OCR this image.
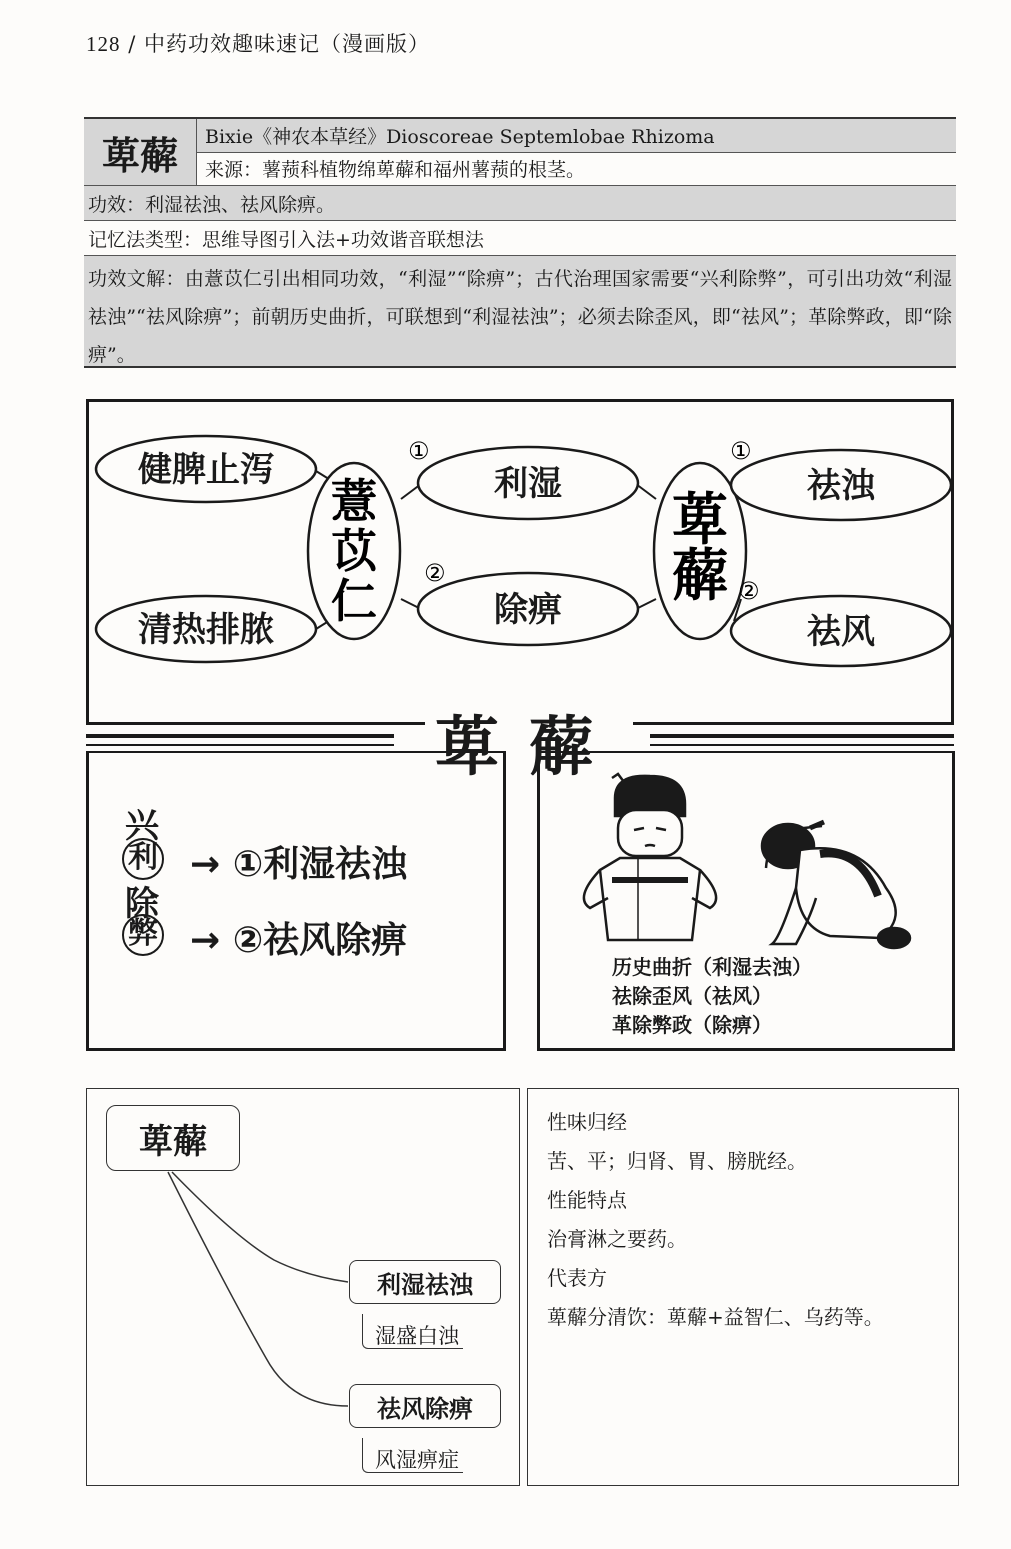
128 / 中药功效趣味速记（漫画版）
萆薢	Bixie《神农本草经》Dioscoreae Septemlobae Rhizoma
来源：薯蓣科植物绵萆薢和福州薯蓣的根茎。
功效：利湿祛浊、祛风除痹。
记忆法类型：思维导图引入法+功效谐音联想法
功效文解：由薏苡仁引出相同功效，“利湿”“除痹”；古代治理国家需要“兴利除弊”，可引出功效“利湿祛浊”“祛风除痹”；前朝历史曲折，可联想到“利湿祛浊”；必须去除歪风，即“祛风”；革除弊政，即“除痹”。
①
②
①
②
健脾止泻
清热排脓
利湿
除痹
祛浊
祛风
薏
苡
仁
萆
薢
萆薢
兴
利
除
弊
→ ①利湿祛浊
→ ②祛风除痹
历史曲折（利湿去浊）
祛除歪风（祛风）
革除弊政（除痹）
萆薢
利湿祛浊
湿盛白浊
祛风除痹
风湿痹症
性味归经
苦、平；归肾、胃、膀胱经。
性能特点
治膏淋之要药。
代表方
萆薢分清饮：萆薢+益智仁、乌药等。
